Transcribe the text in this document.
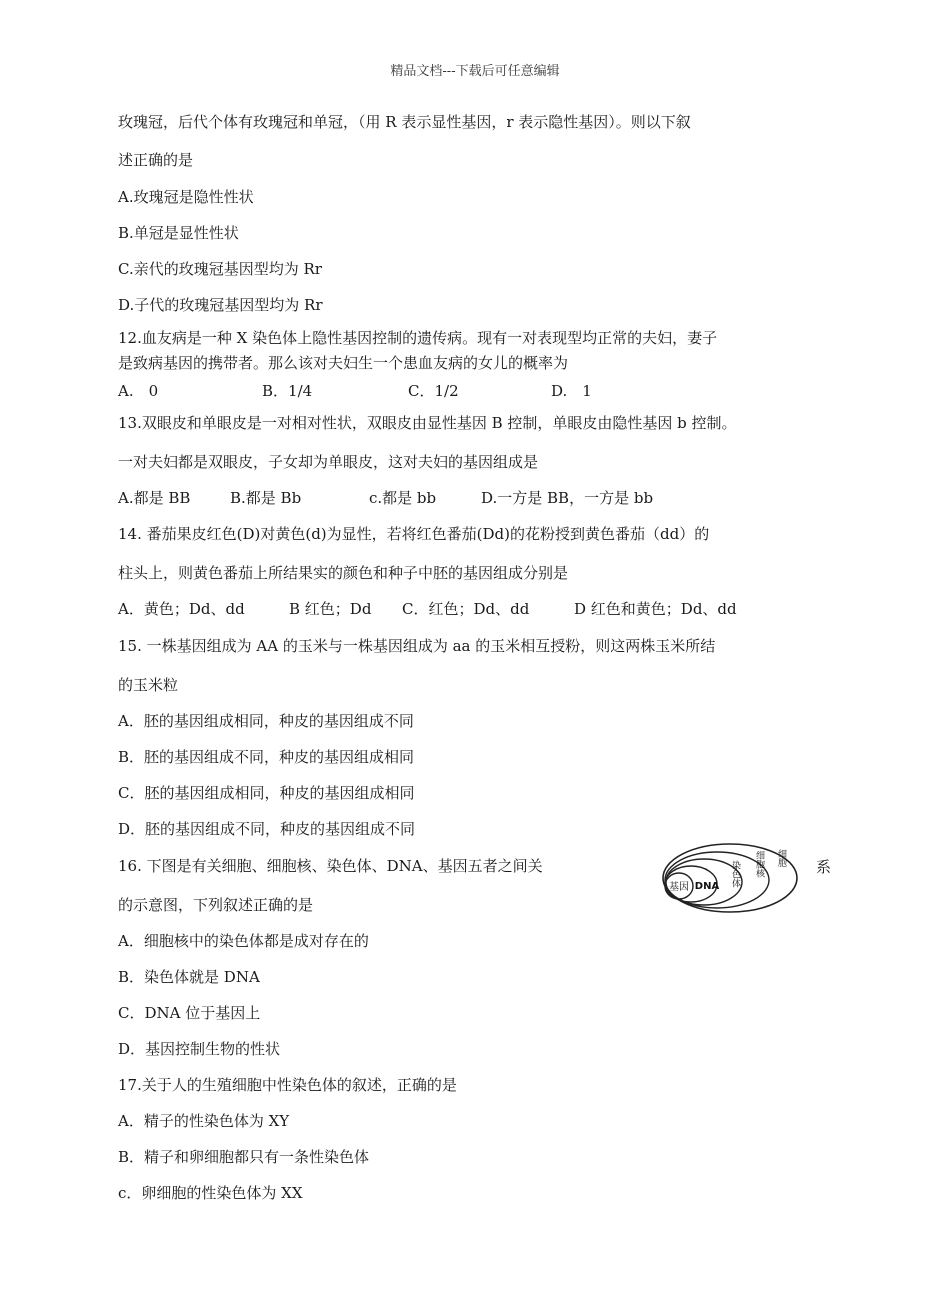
精品文档---下载后可任意编辑
玫瑰冠，后代个体有玫瑰冠和单冠，（用 R 表示显性基因，r 表示隐性基因）。则以下叙
述正确的是
A.玫瑰冠是隐性性状
B.单冠是显性性状
C.亲代的玫瑰冠基因型均为 Rr
D.子代的玫瑰冠基因型均为 Rr
12.血友病是一种 X 染色体上隐性基因控制的遗传病。现有一对表现型均正常的夫妇，妻子
是致病基因的携带者。那么该对夫妇生一个患血友病的女儿的概率为
A.　0	B．1/4	C．1/2	D.　1
13.双眼皮和单眼皮是一对相对性状，双眼皮由显性基因 B 控制，单眼皮由隐性基因 b 控制。
一对夫妇都是双眼皮，子女却为单眼皮，这对夫妇的基因组成是
A.都是 BB	B.都是 Bb	c.都是 bb	D.一方是 BB，一方是 bb
14. 番茄果皮红色(D)对黄色(d)为显性，若将红色番茄(Dd)的花粉授到黄色番茄（dd）的
柱头上，则黄色番茄上所结果实的颜色和种子中胚的基因组成分别是
A．黄色；Dd、dd	B 红色；Dd C．红色；Dd、dd	D 红色和黄色；Dd、dd
15. 一株基因组成为 AA 的玉米与一株基因组成为 aa 的玉米相互授粉，则这两株玉米所结
的玉米粒
A．胚的基因组成相同，种皮的基因组成不同
B．胚的基因组成不同，种皮的基因组成相同
C．胚的基因组成相同，种皮的基因组成相同
D．胚的基因组成不同，种皮的基因组成不同
16. 下图是有关细胞、细胞核、染色体、DNA、基因五者之间关	系
基因 DNA 染色体 细胞核 细胞
的示意图，下列叙述正确的是
A．细胞核中的染色体都是成对存在的
B．染色体就是 DNA
C．DNA 位于基因上
D．基因控制生物的性状
17.关于人的生殖细胞中性染色体的叙述，正确的是
A．精子的性染色体为 XY
B．精子和卵细胞都只有一条性染色体
c．卵细胞的性染色体为 XX
